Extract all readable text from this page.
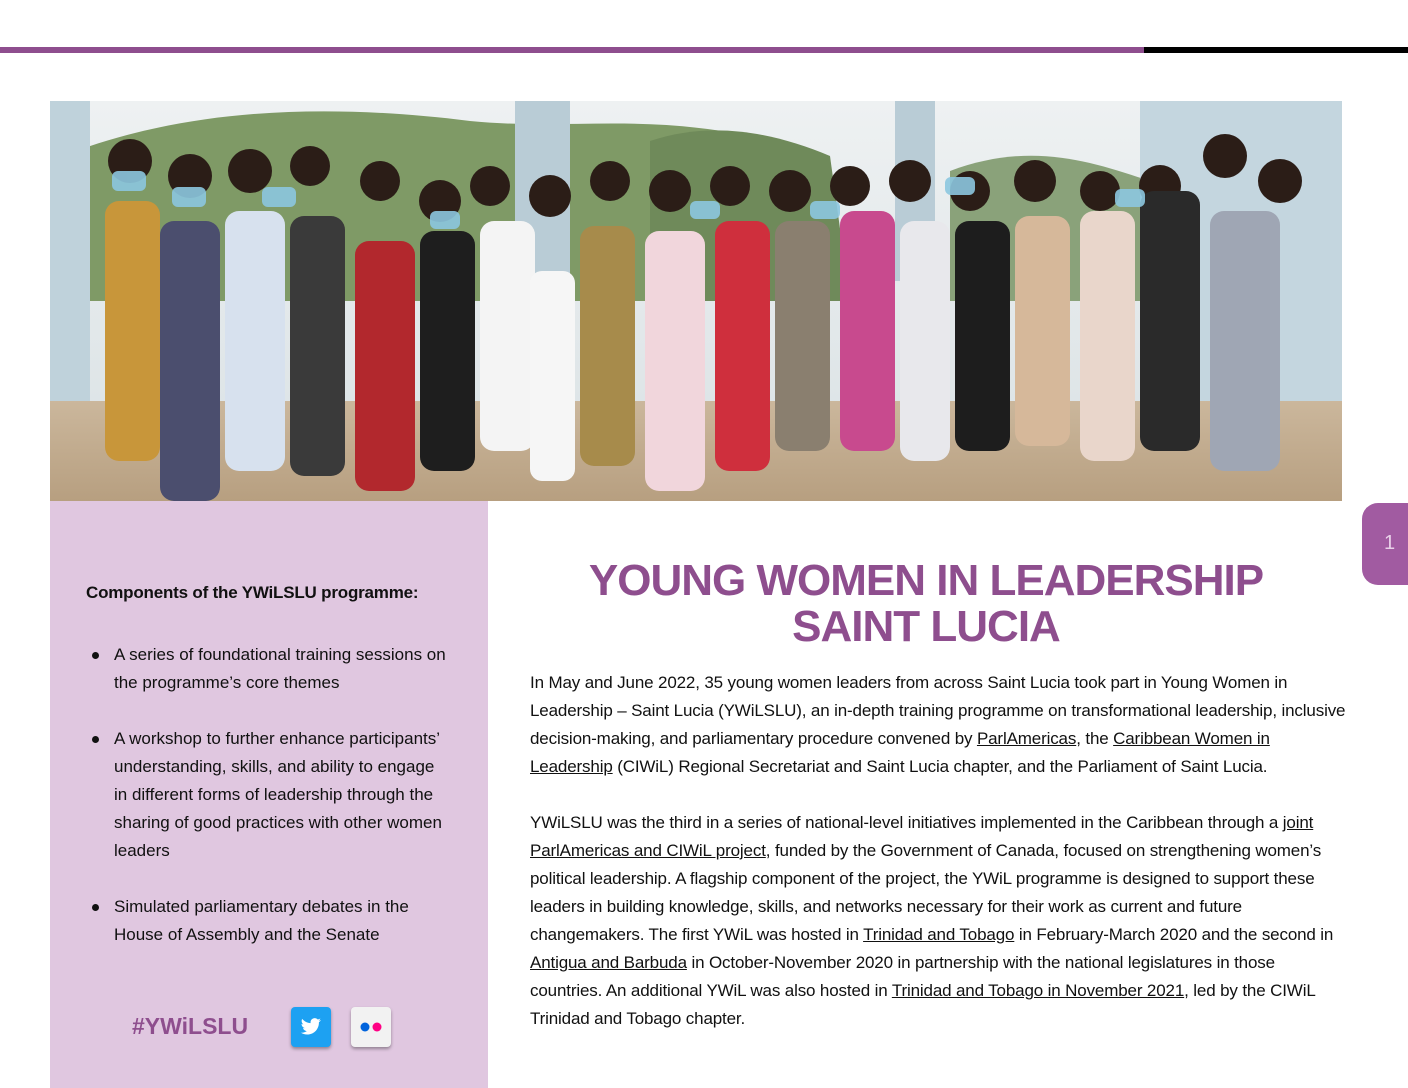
Components of the YWiLSLU programme:
A series of foundational training sessions on the programme’s core themes
A workshop to further enhance participants’ understanding, skills, and ability to engage in different forms of leadership through the sharing of good practices with other women leaders
Simulated parliamentary debates in the House of Assembly and the Senate
#YWiLSLU
1
YOUNG WOMEN IN LEADERSHIP
SAINT LUCIA

In May and June 2022, 35 young women leaders from across Saint Lucia took part in Young Women in Leadership – Saint Lucia (YWiLSLU), an in-depth training programme on transformational leadership, inclusive decision-making, and parliamentary procedure convened by ParlAmericas, the Caribbean Women in Leadership (CIWiL) Regional Secretariat and Saint Lucia chapter, and the Parliament of Saint Lucia.

YWiLSLU was the third in a series of national-level initiatives implemented in the Caribbean through a joint ParlAmericas and CIWiL project, funded by the Government of Canada, focused on strengthening women’s political leadership. A flagship component of the project, the YWiL programme is designed to support these leaders in building knowledge, skills, and networks necessary for their work as current and future changemakers. The first YWiL was hosted in Trinidad and Tobago in February-March 2020 and the second in Antigua and Barbuda in October-November 2020 in partnership with the national legislatures in those countries. An additional YWiL was also hosted in Trinidad and Tobago in November 2021, led by the CIWiL Trinidad and Tobago chapter.
